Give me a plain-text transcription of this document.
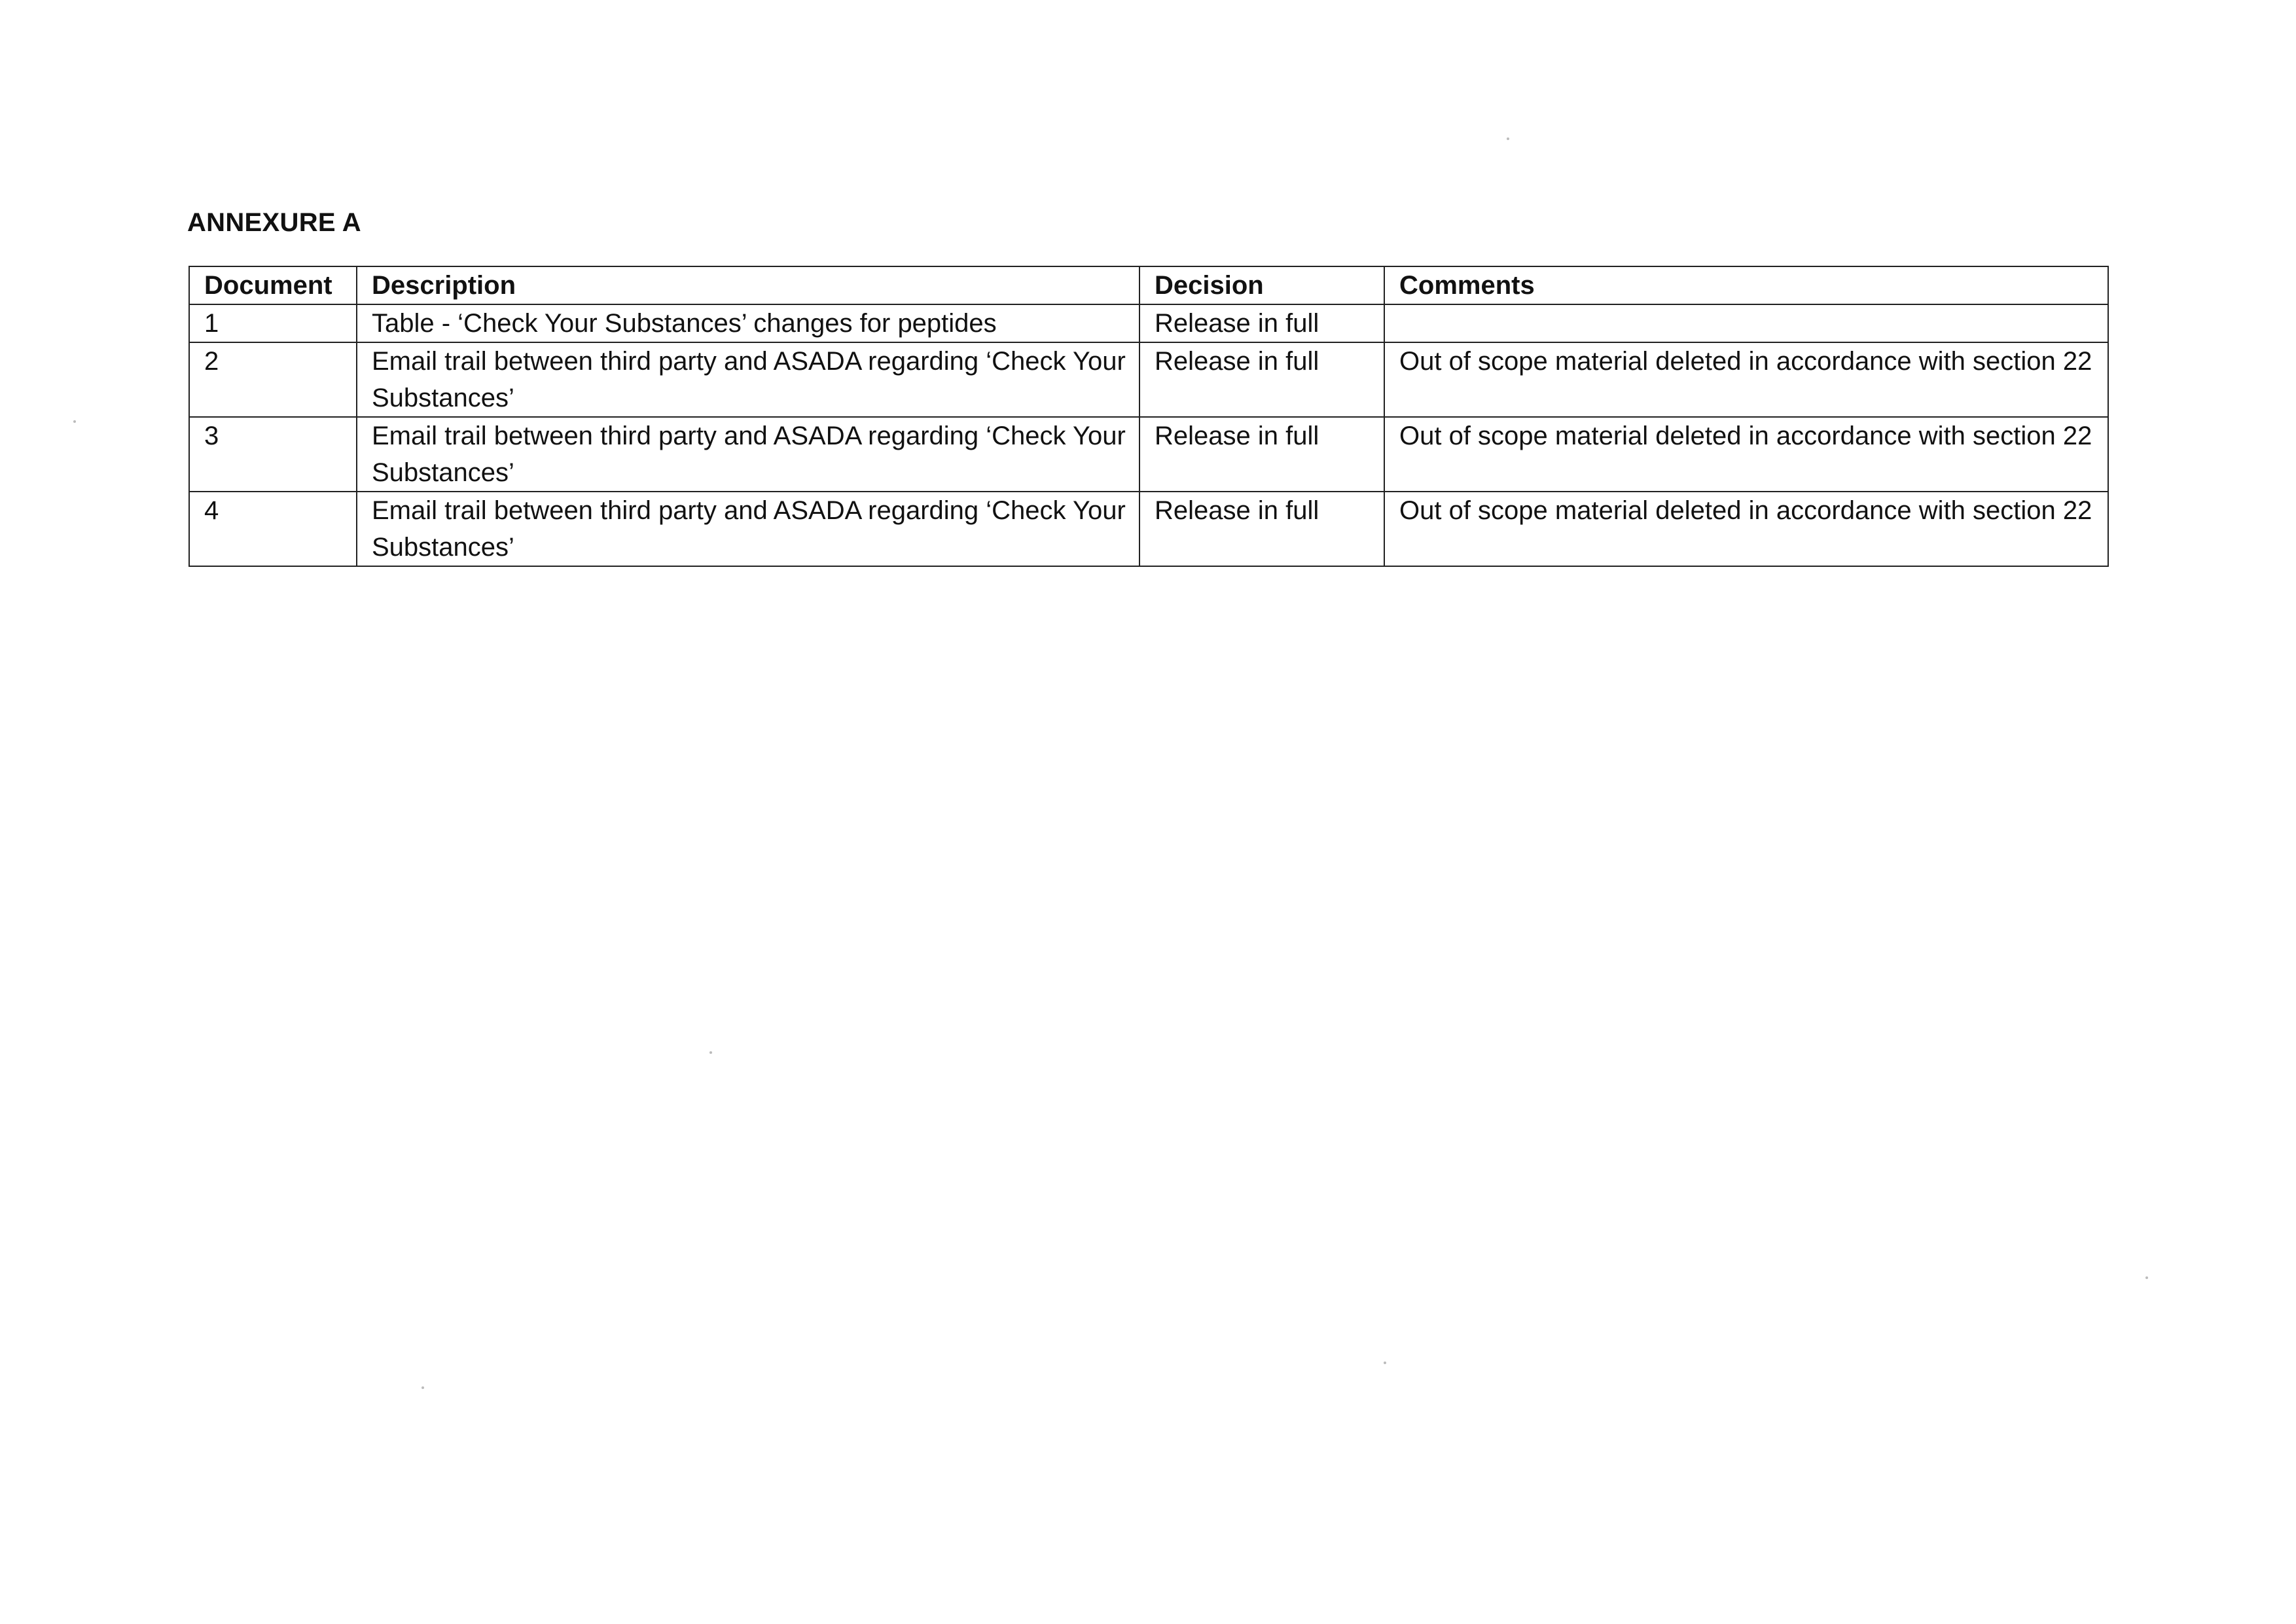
ANNEXURE A
Document	Description	Decision	Comments
1	Table - ‘Check Your Substances’ changes for peptides	Release in full	
2	Email trail between third party and ASADA regarding ‘Check Your Substances’	Release in full	Out of scope material deleted in accordance with section 22
3	Email trail between third party and ASADA regarding ‘Check Your Substances’	Release in full	Out of scope material deleted in accordance with section 22
4	Email trail between third party and ASADA regarding ‘Check Your Substances’	Release in full	Out of scope material deleted in accordance with section 22
